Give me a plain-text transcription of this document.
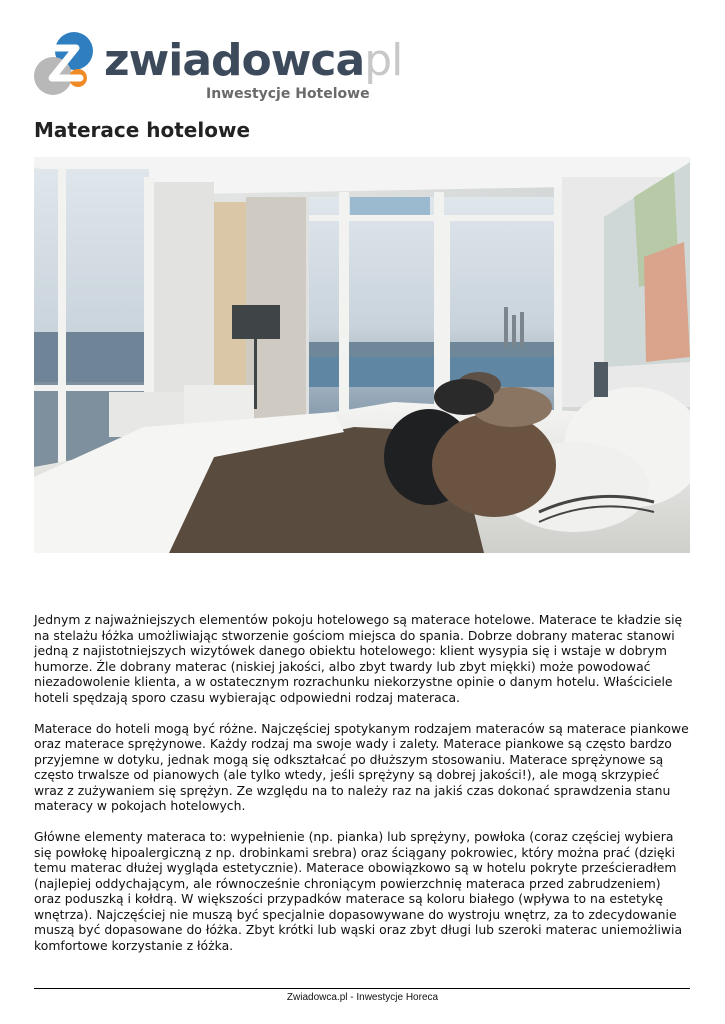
zwiadowcapl
Inwestycje Hotelowe
Materace hotelowe

Jednym z najważniejszych elementów pokoju hotelowego są materace hotelowe. Materace te kładzie się na stelażu łóżka umożliwiając stworzenie gościom miejsca do spania. Dobrze dobrany materac stanowi jedną z najistotniejszych wizytówek danego obiektu hotelowego: klient wysypia się i wstaje w dobrym humorze. Źle dobrany materac (niskiej jakości, albo zbyt twardy lub zbyt miękki) może powodować niezadowolenie klienta, a w ostatecznym rozrachunku niekorzystne opinie o danym hotelu. Właściciele hoteli spędzają sporo czasu wybierając odpowiedni rodzaj materaca.

Materace do hoteli mogą być różne. Najczęściej spotykanym rodzajem materaców są materace piankowe oraz materace sprężynowe. Każdy rodzaj ma swoje wady i zalety. Materace piankowe są często bardzo przyjemne w dotyku, jednak mogą się odkształcać po dłuższym stosowaniu. Materace sprężynowe są często trwalsze od pianowych (ale tylko wtedy, jeśli sprężyny są dobrej jakości!), ale mogą skrzypieć wraz z zużywaniem się sprężyn. Ze względu na to należy raz na jakiś czas dokonać sprawdzenia stanu materacy w pokojach hotelowych.

Główne elementy materaca to: wypełnienie (np. pianka) lub sprężyny, powłoka (coraz częściej wybiera się powłokę hipoalergiczną z np. drobinkami srebra) oraz ściągany pokrowiec, który można prać (dzięki temu materac dłużej wygląda estetycznie). Materace obowiązkowo są w hotelu pokryte prześcieradłem (najlepiej oddychającym, ale równocześnie chroniącym powierzchnię materaca przed zabrudzeniem) oraz poduszką i kołdrą. W większości przypadków materace są koloru białego (wpływa to na estetykę wnętrza). Najczęściej nie muszą być specjalnie dopasowywane do wystroju wnętrz, za to zdecydowanie muszą być dopasowane do łóżka. Zbyt krótki lub wąski oraz zbyt długi lub szeroki materac uniemożliwia komfortowe korzystanie z łóżka.

Zwiadowca.pl - Inwestycje Horeca
